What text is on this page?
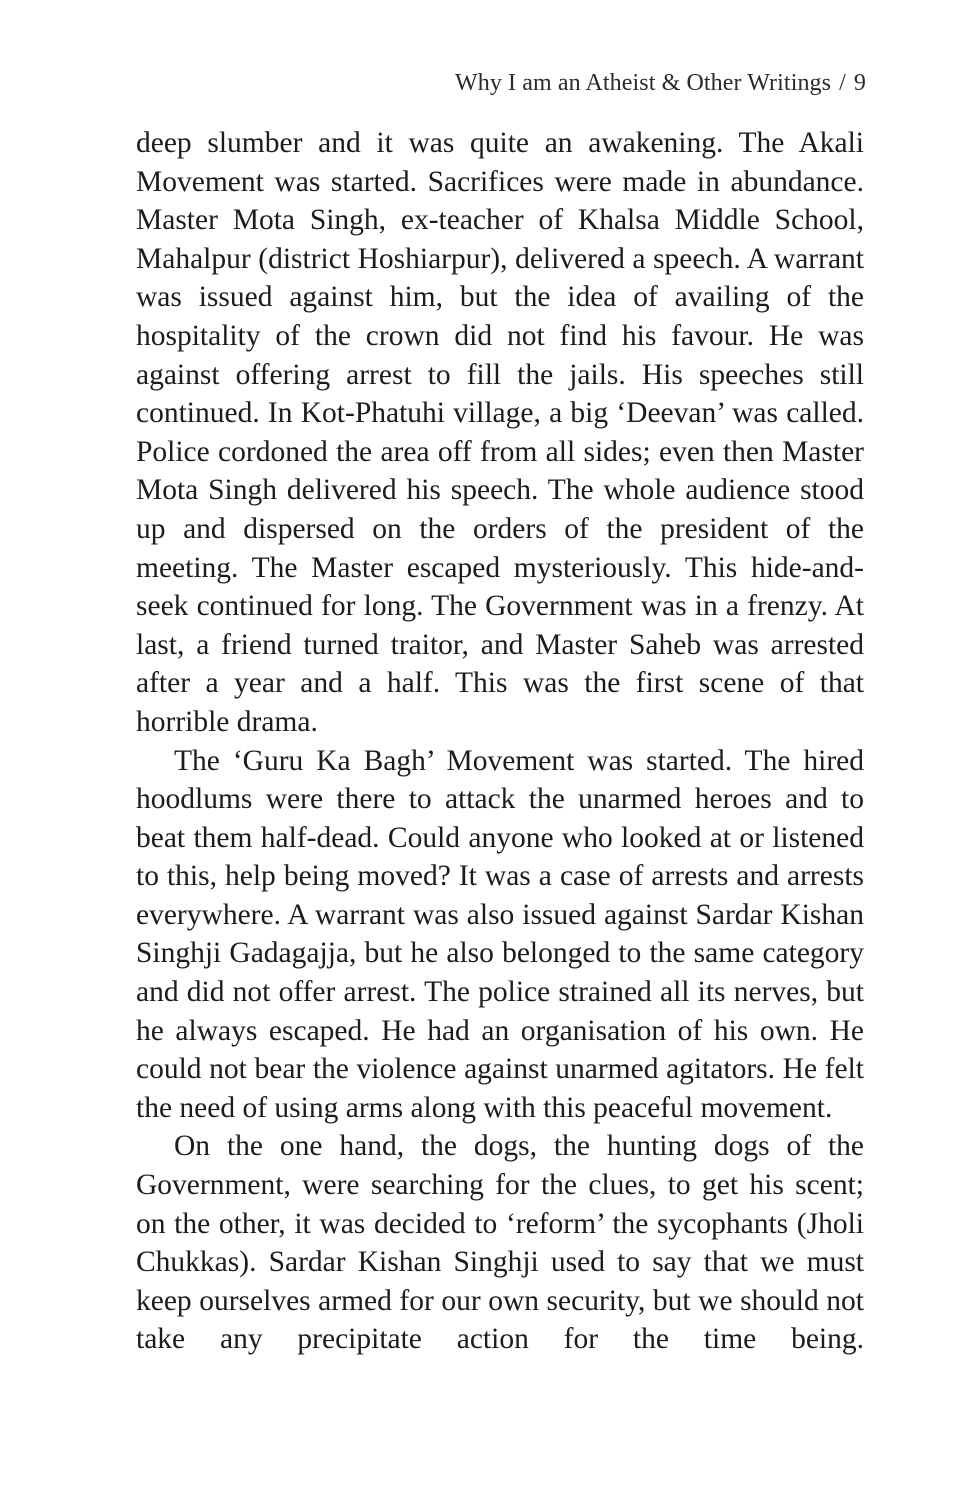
Why I am an Atheist & Other Writings / 9

deep slumber and it was quite an awakening. The Akali Movement was started. Sacrifices were made in abundance. Master Mota Singh, ex-teacher of Khalsa Middle School, Mahalpur (district Hoshiarpur), delivered a speech. A warrant was issued against him, but the idea of availing of the hospitality of the crown did not find his favour. He was against offering arrest to fill the jails. His speeches still continued. In Kot-Phatuhi village, a big ‘Deevan’ was called. Police cordoned the area off from all sides; even then Master Mota Singh delivered his speech. The whole audience stood up and dispersed on the orders of the president of the meeting. The Master escaped mysteriously. This hide-and-seek continued for long. The Government was in a frenzy. At last, a friend turned traitor, and Master Saheb was arrested after a year and a half. This was the first scene of that horrible drama.

The ‘Guru Ka Bagh’ Movement was started. The hired hoodlums were there to attack the unarmed heroes and to beat them half-dead. Could anyone who looked at or listened to this, help being moved? It was a case of arrests and arrests everywhere. A warrant was also issued against Sardar Kishan Singhji Gadagajja, but he also belonged to the same category and did not offer arrest. The police strained all its nerves, but he always escaped. He had an organisation of his own. He could not bear the violence against unarmed agitators. He felt the need of using arms along with this peaceful movement.

On the one hand, the dogs, the hunting dogs of the Government, were searching for the clues, to get his scent; on the other, it was decided to ‘reform’ the sycophants (Jholi Chukkas). Sardar Kishan Singhji used to say that we must keep ourselves armed for our own security, but we should not take any precipitate action for the time being.
